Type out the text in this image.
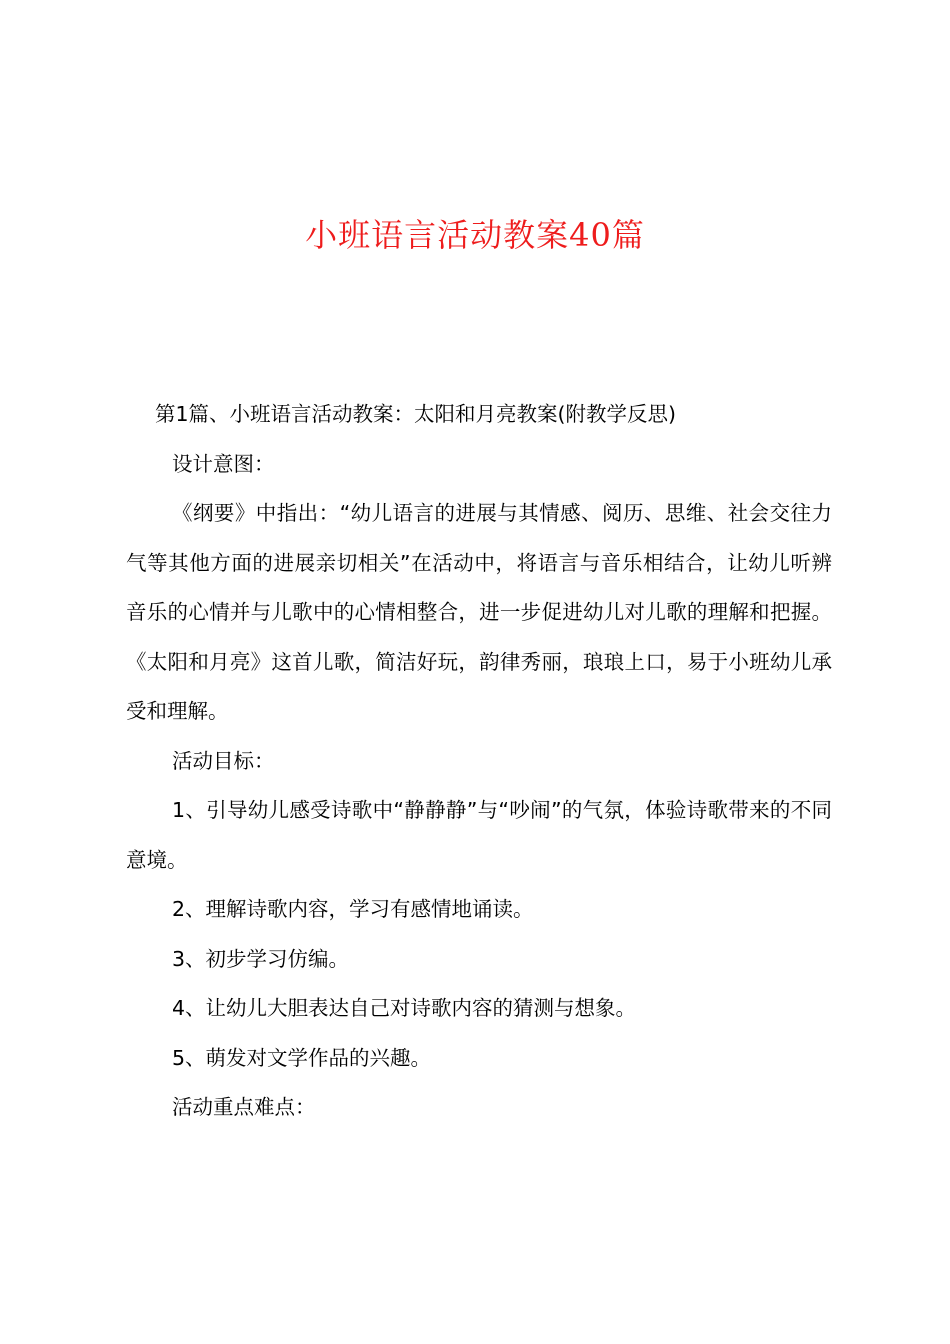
小班语言活动教案40篇

第1篇、小班语言活动教案：太阳和月亮教案(附教学反思)

设计意图：

《纲要》中指出：“幼儿语言的进展与其情感、阅历、思维、社会交往力气等其他方面的进展亲切相关”在活动中，将语言与音乐相结合，让幼儿听辨音乐的心情并与儿歌中的心情相整合，进一步促进幼儿对儿歌的理解和把握。《太阳和月亮》这首儿歌，简洁好玩，韵律秀丽，琅琅上口，易于小班幼儿承受和理解。

活动目标：

1、引导幼儿感受诗歌中“静静静”与“吵闹”的气氛，体验诗歌带来的不同意境。

2、理解诗歌内容，学习有感情地诵读。

3、初步学习仿编。

4、让幼儿大胆表达自己对诗歌内容的猜测与想象。

5、萌发对文学作品的兴趣。

活动重点难点：
